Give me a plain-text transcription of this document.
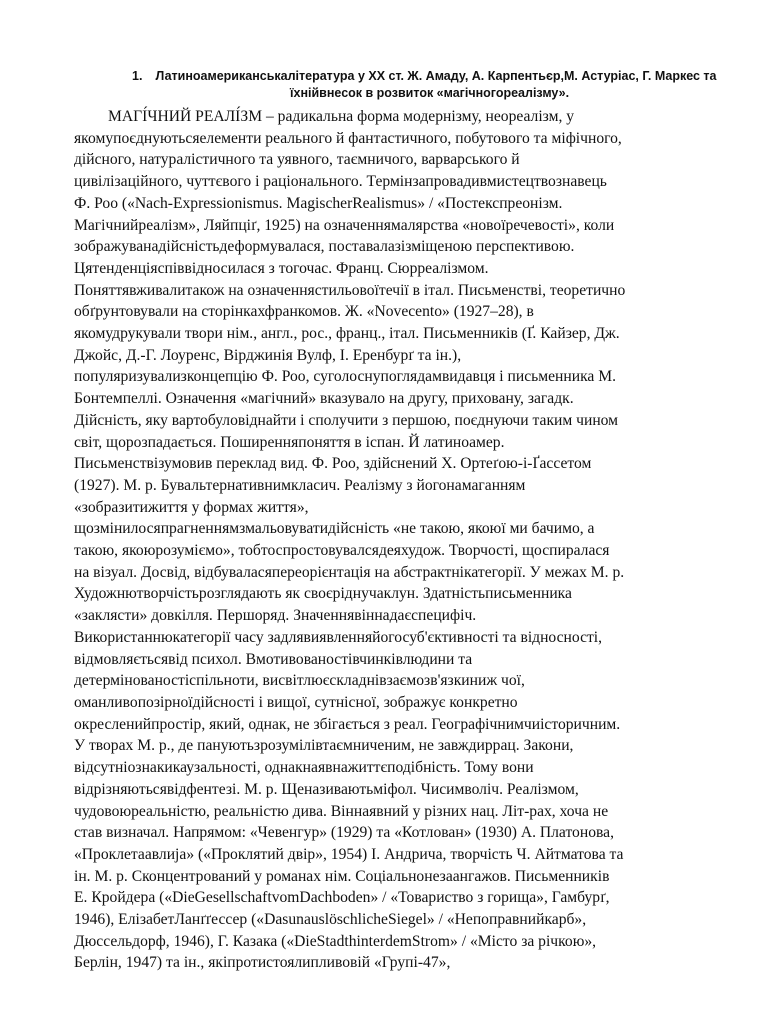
1. Латиноамериканськалітература у ХХ ст. Ж. Амаду, А. Карпентьєр,М. Астуріас, Г. Маркес та
їхнійвнесок в розвиток «магічногореалізму».
МАГІ́ЧНИЙ РЕАЛІ́ЗМ – радикальна форма модернізму, неореалізм, у
якомупоєднуютьсяелементи реального й фантастичного, побутового та міфічного,
дійсного, натуралістичного та уявного, таємничого, варварського й
цивілізаційного, чуттєвого і раціонального. Термінзапровадивмистецтвознавець
Ф. Роо («Nach-Expressionismus. MagischerRealismus» / «Постекспреонізм.
Магічнийреалізм», Ляйпціґ, 1925) на означеннямалярства «новоїречевості», коли
зображуванадійсністьдеформувалася, поставалазізміщеною перспективою.
Цятенденціяспіввідносилася з тогочас. Франц. Сюрреалізмом.
Поняттявживалитакож на означеннястильовоїтечії в італ. Письменстві, теоретично
обґрунтовували на сторінкахфранкомов. Ж. «Novecento» (1927–28), в
якомудрукували твори нім., англ., рос., франц., італ. Письменників (Ґ. Кайзер, Дж.
Джойс, Д.-Г. Лоуренс, Вірджинія Вулф, І. Еренбурґ та ін.),
популяризувализконцепцію Ф. Роо, суголоснупоглядамвидавця і письменника М.
Бонтемпеллі. Означення «магічний» вказувало на другу, приховану, загадк.
Дійсність, яку вартобуловіднайти і сполучити з першою, поєднуючи таким чином
світ, щорозпадається. Поширенняпоняття в іспан. Й латиноамер.
Письменствізумовив переклад вид. Ф. Роо, здійснений Х. Ортеґою-і-Ґассетом
(1927). М. р. Бувальтернативнимкласич. Реалізму з йогонамаганням
«зобразитижиття у формах життя»,
щозмінилосяпрагненнямзмальовуватидійсність «не такою, якоюї ми бачимо, а
такою, якоюрозуміємо», тобтоспростовувалсядеяхудож. Творчості, щоспиралася
на візуал. Досвід, відбуваласяпереорієнтація на абстрактнікатегорії. У межах М. р.
Художнютворчістьрозглядають як своєріднучаклун. Здатністьписьменника
«заклясти» довкілля. Першоряд. Значеннявіннадаєспецифіч.
Використаннюкатегорії часу задлявиявленняйогосуб'єктивності та відносності,
відмовляєтьсявід психол. Вмотивованостівчинківлюдини та
детермінованостіспільноти, висвітлюєскладнівзаємозв'язкиниж чої,
оманливопозірноїдійсності і вищої, сутнісної, зображує конкретно
окресленийпростір, який, однак, не збігається з реал. Географічнимчиісторичним.
У творах М. р., де пануютьзрозумілівтаємниченим, не завждиррац. Закони,
відсутніознакикаузальності, однакнаявнажиттєподібність. Тому вони
відрізняютьсявідфентезі. М. р. Щеназиваютьміфол. Чисимволіч. Реалізмом,
чудовоюреальністю, реальністю дива. Віннаявний у різних нац. Літ-рах, хоча не
став визначал. Напрямом: «Чевенгур» (1929) та «Котлован» (1930) А. Платонова,
«Проклетаавлија» («Проклятий двір», 1954) І. Андрича, творчість Ч. Айтматова та
ін. М. р. Сконцентрований у романах нім. Соціальнонезаангажов. Письменників
Е. Кройдера («DieGesellschaftvomDachboden» / «Товариство з горища», Гамбурґ,
1946), ЕлізабетЛанґґессер («DasunauslöschlicheSiegel» / «Непоправнийкарб»,
Дюссельдорф, 1946), Г. Казака («DieStadthinterdemStrom» / «Місто за річкою»,
Берлін, 1947) та ін., якіпротистоялипливовій «Групі-47»,
